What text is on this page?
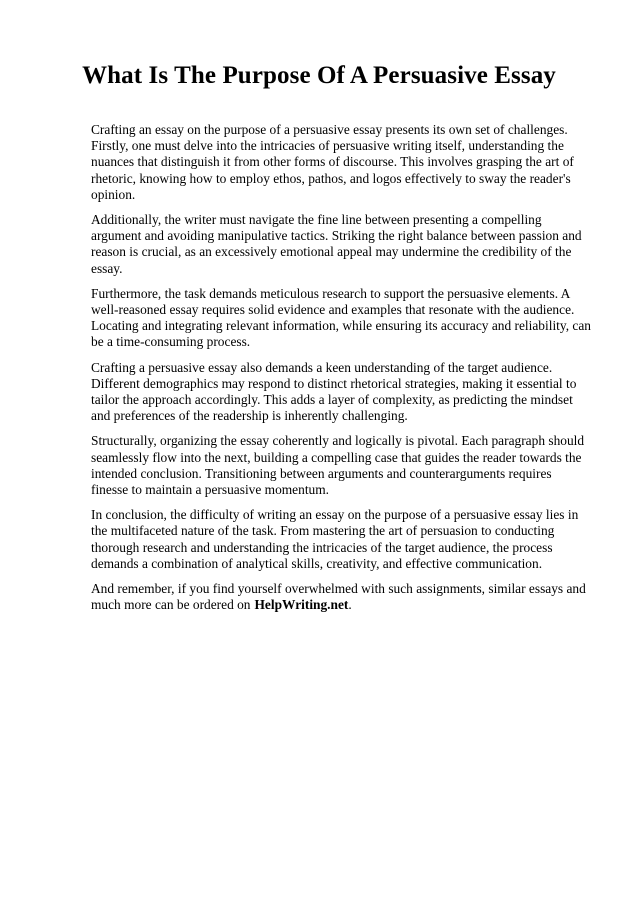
What Is The Purpose Of A Persuasive Essay

Crafting an essay on the purpose of a persuasive essay presents its own set of challenges. Firstly, one must delve into the intricacies of persuasive writing itself, understanding the nuances that distinguish it from other forms of discourse. This involves grasping the art of rhetoric, knowing how to employ ethos, pathos, and logos effectively to sway the reader's opinion.

Additionally, the writer must navigate the fine line between presenting a compelling argument and avoiding manipulative tactics. Striking the right balance between passion and reason is crucial, as an excessively emotional appeal may undermine the credibility of the essay.

Furthermore, the task demands meticulous research to support the persuasive elements. A well-reasoned essay requires solid evidence and examples that resonate with the audience. Locating and integrating relevant information, while ensuring its accuracy and reliability, can be a time-consuming process.

Crafting a persuasive essay also demands a keen understanding of the target audience. Different demographics may respond to distinct rhetorical strategies, making it essential to tailor the approach accordingly. This adds a layer of complexity, as predicting the mindset and preferences of the readership is inherently challenging.

Structurally, organizing the essay coherently and logically is pivotal. Each paragraph should seamlessly flow into the next, building a compelling case that guides the reader towards the intended conclusion. Transitioning between arguments and counterarguments requires finesse to maintain a persuasive momentum.

In conclusion, the difficulty of writing an essay on the purpose of a persuasive essay lies in the multifaceted nature of the task. From mastering the art of persuasion to conducting thorough research and understanding the intricacies of the target audience, the process demands a combination of analytical skills, creativity, and effective communication.

And remember, if you find yourself overwhelmed with such assignments, similar essays and much more can be ordered on HelpWriting.net.
